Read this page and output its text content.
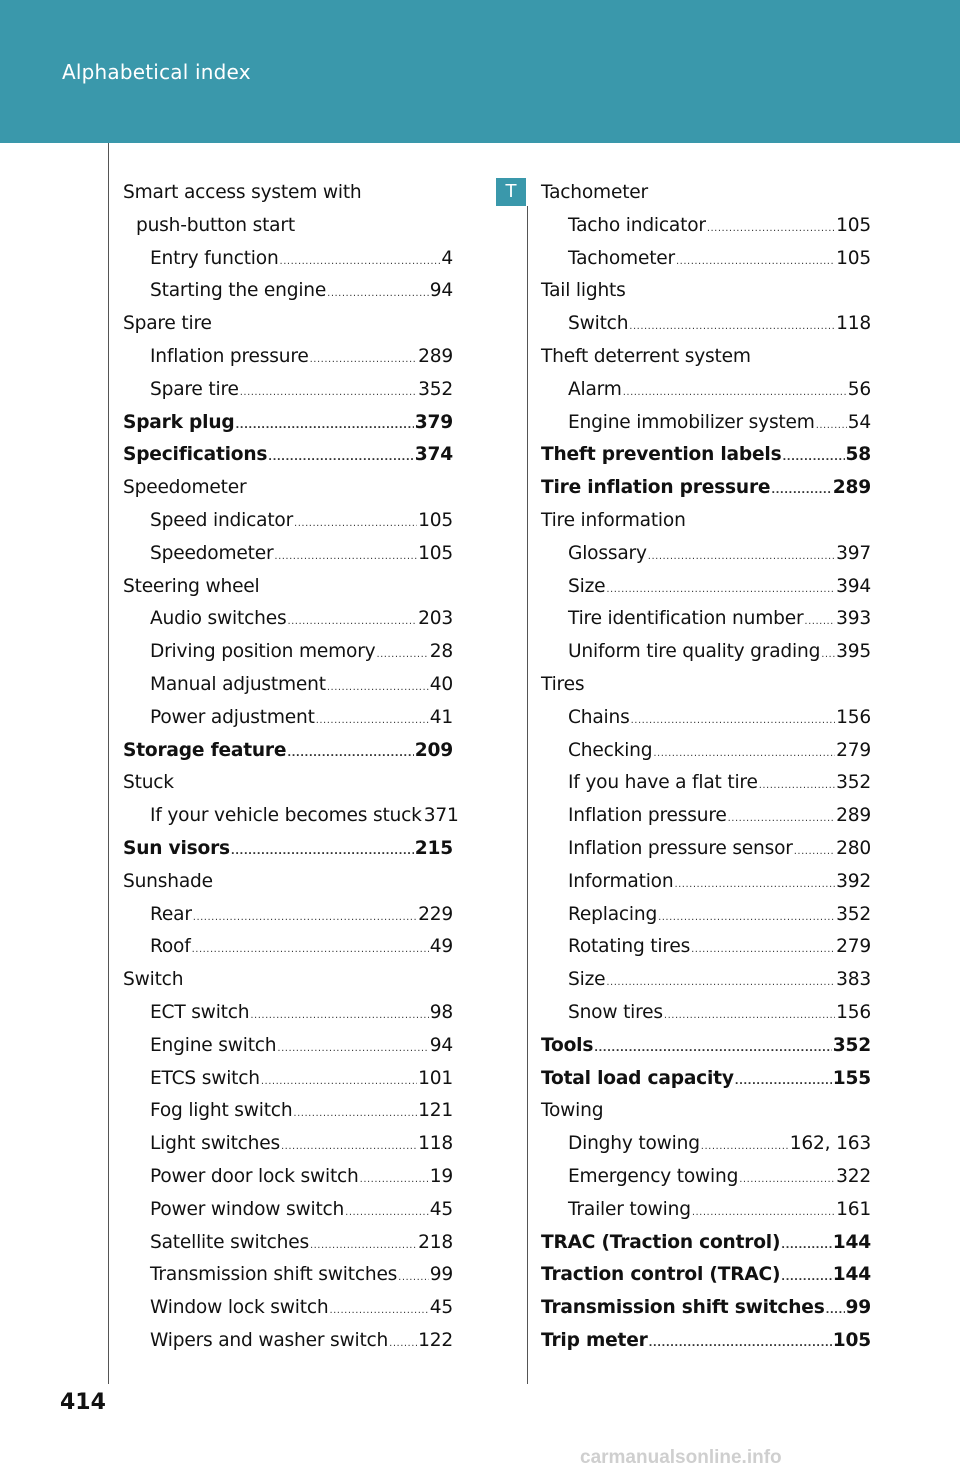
Alphabetical index
T
Smart access system with
push-button start
Entry function .....	4
Starting the engine .....	94
Spare tire
Inflation pressure .....	289
Spare tire .....	352
Spark plug .....	379
Specifications .....	374
Speedometer
Speed indicator .....	105
Speedometer .....	105
Steering wheel
Audio switches .....	203
Driving position memory .....	28
Manual adjustment .....	40
Power adjustment .....	41
Storage feature .....	209
Stuck
If your vehicle becomes stuck 371
Sun visors .....	215
Sunshade
Rear .....	229
Roof .....	49
Switch
ECT switch .....	98
Engine switch .....	94
ETCS switch .....	101
Fog light switch .....	121
Light switches .....	118
Power door lock switch .....	19
Power window switch .....	45
Satellite switches .....	218
Transmission shift switches ..... 99
Window lock switch .....	45
Wipers and washer switch ..... 122
Tachometer
Tacho indicator .....	105
Tachometer .....	105
Tail lights
Switch .....	118
Theft deterrent system
Alarm .....	56
Engine immobilizer system ..... 54
Theft prevention labels .....	58
Tire inflation pressure .....	289
Tire information
Glossary .....	397
Size .....	394
Tire identification number ..... 393
Uniform tire quality grading ..... 395
Tires
Chains .....	156
Checking .....	279
If you have a flat tire .....	352
Inflation pressure .....	289
Inflation pressure sensor ..... 280
Information .....	392
Replacing .....	352
Rotating tires .....	279
Size .....	383
Snow tires .....	156
Tools .....	352
Total load capacity .....	155
Towing
Dinghy towing .....	162, 163
Emergency towing .....	322
Trailer towing .....	161
TRAC (Traction control) .....	144
Traction control (TRAC) .....	144
Transmission shift switches ..... 99
Trip meter .....	105
414
carmanualsonline.info
